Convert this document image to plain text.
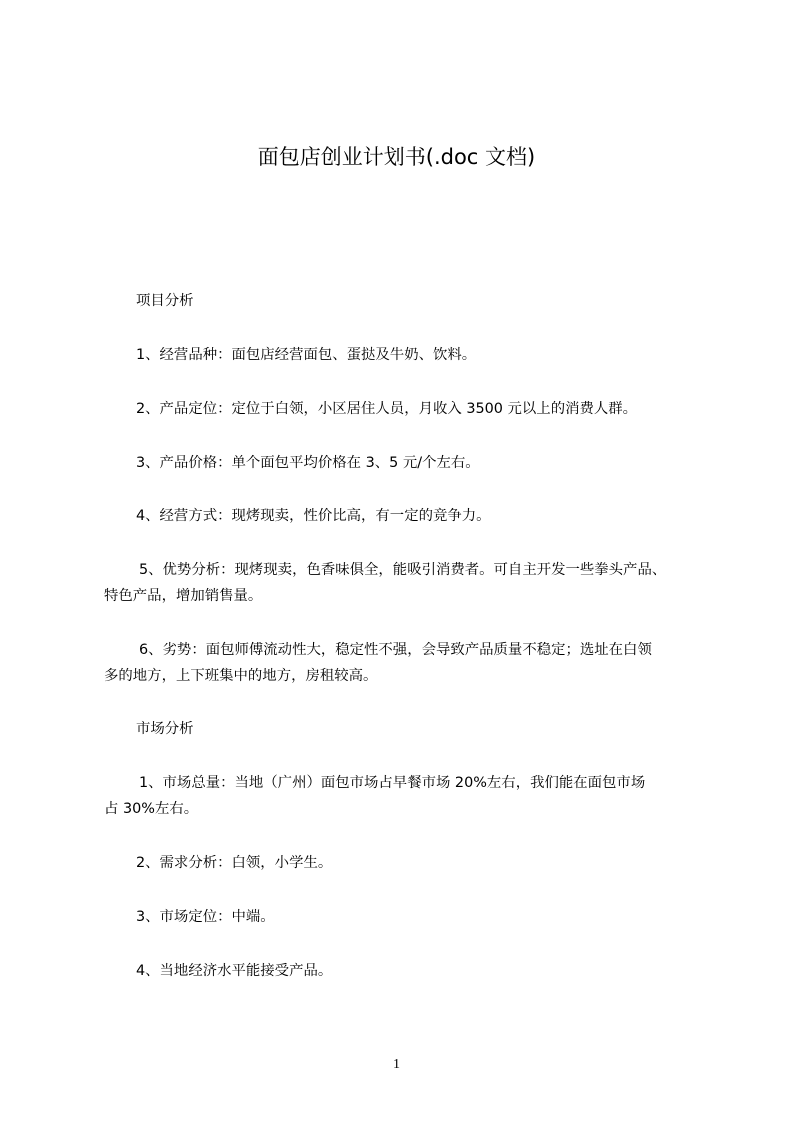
面包店创业计划书(.doc 文档)
项目分析
1、经营品种：面包店经营面包、蛋挞及牛奶、饮料。
2、产品定位：定位于白领，小区居住人员，月收入 3500 元以上的消费人群。
3、产品价格：单个面包平均价格在 3、5 元/个左右。
4、经营方式：现烤现卖，性价比高，有一定的竞争力。
5、优势分析：现烤现卖，色香味俱全，能吸引消费者。可自主开发一些拳头产品、
特色产品，增加销售量。
6、劣势：面包师傅流动性大，稳定性不强，会导致产品质量不稳定；选址在白领
多的地方，上下班集中的地方，房租较高。
市场分析
1、市场总量：当地（广州）面包市场占早餐市场 20%左右，我们能在面包市场
占 30%左右。
2、需求分析：白领，小学生。
3、市场定位：中端。
4、当地经济水平能接受产品。
1
